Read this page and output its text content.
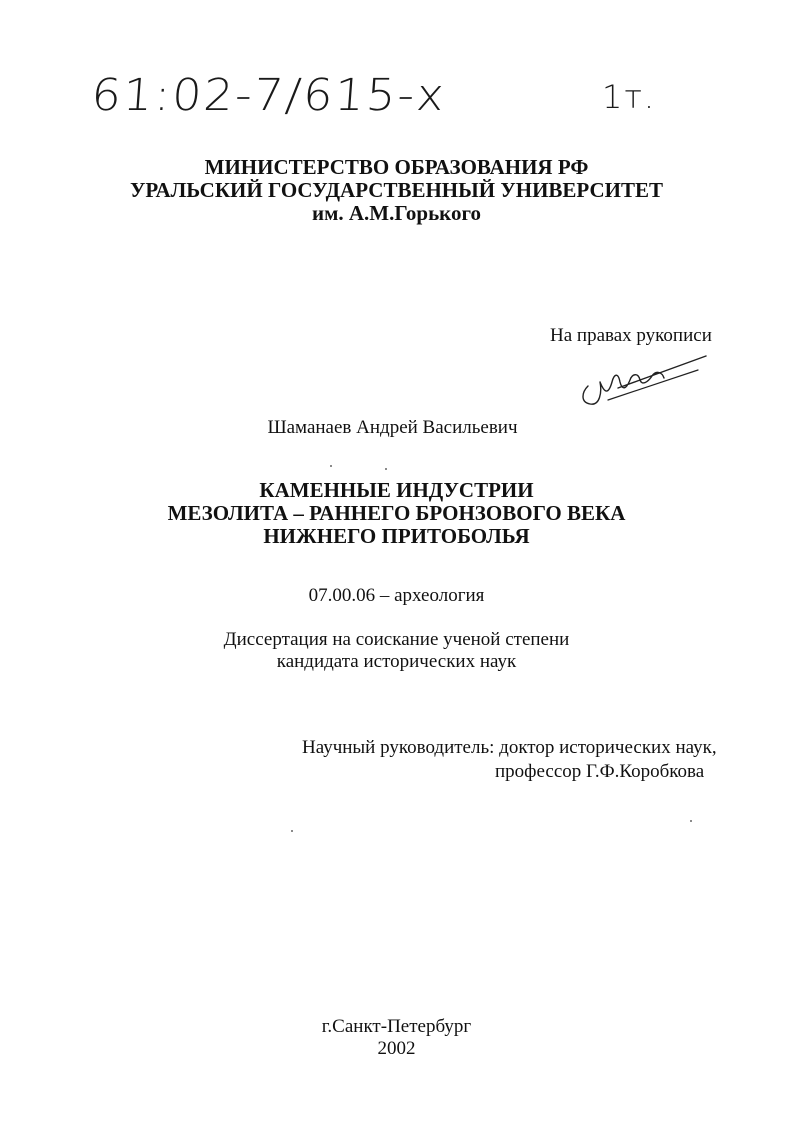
61:02-7/615-x	1т.
МИНИСТЕРСТВО ОБРАЗОВАНИЯ РФ
УРАЛЬСКИЙ ГОСУДАРСТВЕННЫЙ УНИВЕРСИТЕТ
им. А.М.Горького
На правах рукописи
Шаманаев Андрей Васильевич
КАМЕННЫЕ ИНДУСТРИИ
МЕЗОЛИТА – РАННЕГО БРОНЗОВОГО ВЕКА
НИЖНЕГО ПРИТОБОЛЬЯ
07.00.06 – археология
Диссертация на соискание ученой степени
кандидата исторических наук
Научный руководитель: доктор исторических наук,
профессор Г.Ф.Коробкова
г.Санкт-Петербург
2002
